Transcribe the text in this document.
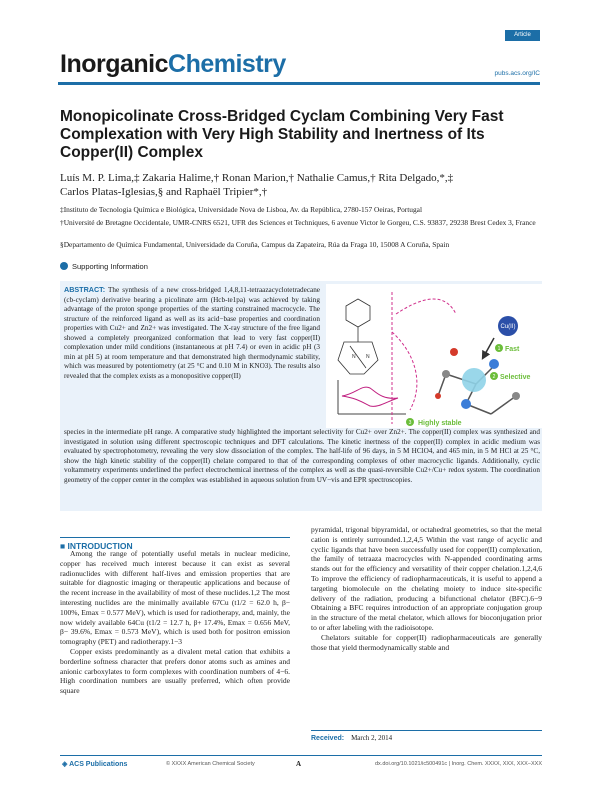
Article
InorganicChemistry	pubs.acs.org/IC
Monopicolinate Cross-Bridged Cyclam Combining Very Fast Complexation with Very High Stability and Inertness of Its Copper(II) Complex
Luís M. P. Lima,‡ Zakaria Halime,† Ronan Marion,† Nathalie Camus,† Rita Delgado,*,‡
Carlos Platas-Iglesias,§ and Raphaël Tripier*,†
‡Instituto de Tecnologia Química e Biológica, Universidade Nova de Lisboa, Av. da República, 2780-157 Oeiras, Portugal
†Université de Bretagne Occidentale, UMR-CNRS 6521, UFR des Sciences et Techniques, 6 avenue Victor le Gorgeu, C.S. 93837, 29238 Brest Cedex 3, France
§Departamento de Química Fundamental, Universidade da Coruña, Campus da Zapateira, Rúa da Fraga 10, 15008 A Coruña, Spain
Supporting Information
ABSTRACT: The synthesis of a new cross-bridged 1,4,8,11-tetraazacyclotetradecane (cb-cyclam) derivative bearing a picolinate arm (Hcb-te1pa) was achieved by taking advantage of the proton sponge properties of the starting constrained macrocycle. The structure of the reinforced ligand as well as its acid−base properties and coordination properties with Cu2+ and Zn2+ was investigated. The X-ray structure of the free ligand showed a completely preorganized conformation that lead to very fast copper(II) complexation under mild conditions (instantaneous at pH 7.4) or even in acidic pH (3 min at pH 5) at room temperature and that demonstrated high thermodynamic stability, which was measured by potentiometry (at 25 °C and 0.10 M in KNO3). The results also revealed that the complex exists as a monopositive copper(II)
N N
Cu(II)
1 Fast
2 Selective
3 Highly stable
species in the intermediate pH range. A comparative study highlighted the important selectivity for Cu2+ over Zn2+. The copper(II) complex was synthesized and investigated in solution using different spectroscopic techniques and DFT calculations. The kinetic inertness of the copper(II) complex in acidic medium was evaluated by spectrophotometry, revealing the very slow dissociation of the complex. The half-life of 96 days, in 5 M HClO4, and 465 min, in 5 M HCl at 25 °C, show the high kinetic stability of the copper(II) chelate compared to that of the corresponding complexes of other macrocyclic ligands. Additionally, cyclic voltammetry experiments underlined the perfect electrochemical inertness of the complex as well as the quasi-reversible Cu2+/Cu+ redox system. The coordination geometry of the copper center in the complex was established in aqueous solution from UV−vis and EPR spectroscopies.
■ INTRODUCTION

Among the range of potentially useful metals in nuclear medicine, copper has received much interest because it can exist as several radionuclides with different half-lives and emission properties that are suitable for diagnostic imaging or therapeutic applications and because of the recent increase in the availability of most of these nuclides.1,2 The most interesting nuclides are the minimally available 67Cu (t1/2 = 62.0 h, β− 100%, Emax = 0.577 MeV), which is used for radiotherapy, and, mainly, the now widely available 64Cu (t1/2 = 12.7 h, β+ 17.4%, Emax = 0.656 MeV, β− 39.6%, Emax = 0.573 MeV), which is used both for positron emission tomography (PET) and radiotherapy.1−3

Copper exists predominantly as a divalent metal cation that exhibits a borderline softness character that prefers donor atoms such as amines and anionic carboxylates to form complexes with coordination numbers of 4−6. High coordination numbers are usually preferred, which often provide square

pyramidal, trigonal bipyramidal, or octahedral geometries, so that the metal cation is entirely surrounded.1,2,4,5 Within the vast range of acyclic and cyclic ligands that have been successfully used for copper(II) complexation, the family of tetraaza macrocycles with N-appended coordinating arms stands out for the efficiency and versatility of their copper chelation.1,2,4,6 To improve the efficiency of radiopharmaceuticals, it is useful to append a targeting biomolecule on the chelating moiety to induce site-specific delivery of the radiation, producing a bifunctional chelator (BFC).6−9 Obtaining a BFC requires introduction of an appropriate conjugation group in the structure of the metal chelator, which allows for bioconjugation prior to or after labeling with the radioisotope.

Chelators suitable for copper(II) radiopharmaceuticals are generally those that yield thermodynamically stable and

Received: March 2, 2014
◈ ACS Publications	© XXXX American Chemical Society	A	dx.doi.org/10.1021/ic500491c | Inorg. Chem. XXXX, XXX, XXX−XXX
